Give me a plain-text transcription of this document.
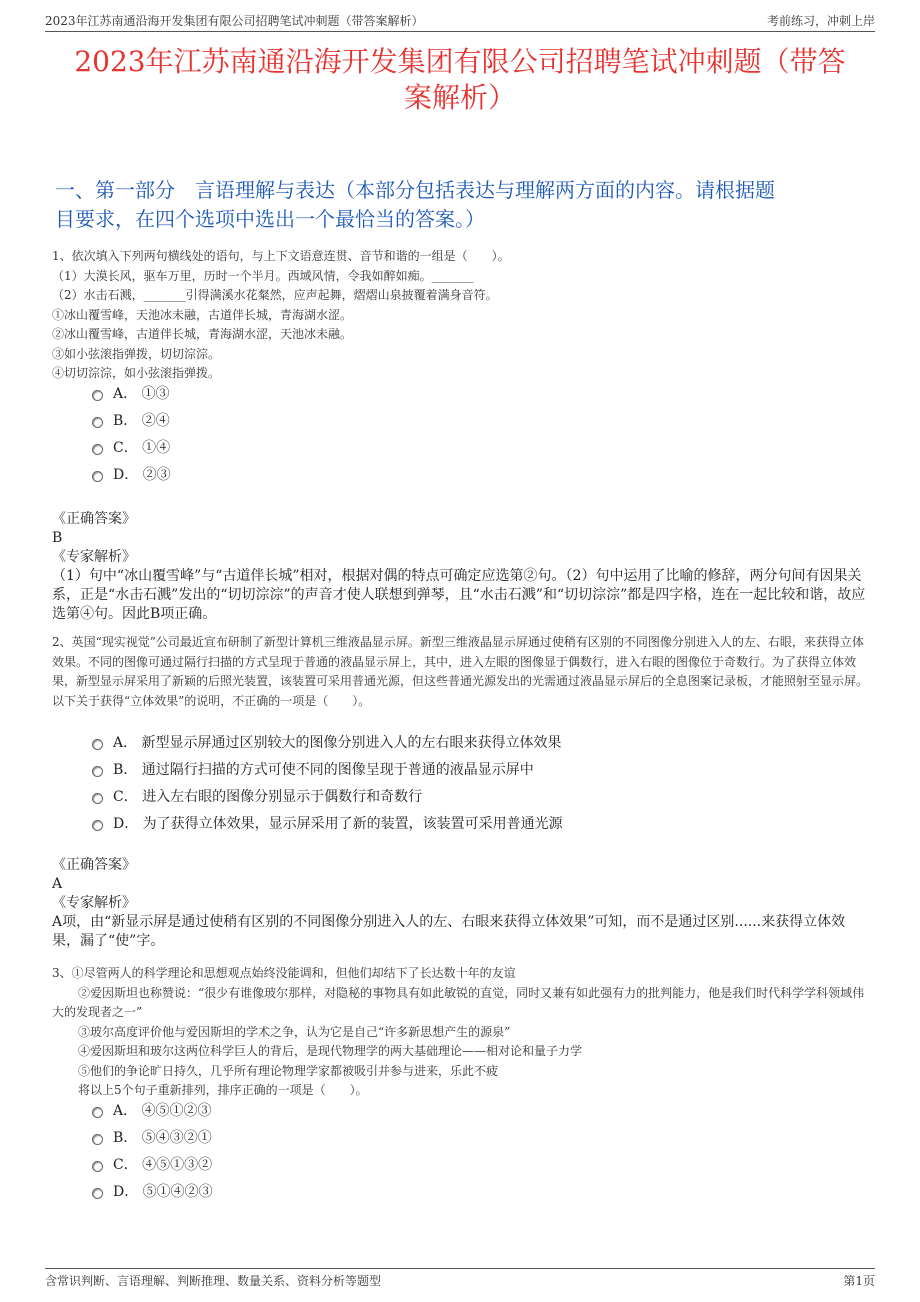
2023年江苏南通沿海开发集团有限公司招聘笔试冲刺题（带答案解析）	考前练习，冲刺上岸
2023年江苏南通沿海开发集团有限公司招聘笔试冲刺题（带答
案解析）
一、第一部分　言语理解与表达（本部分包括表达与理解两方面的内容。请根据题
目要求，在四个选项中选出一个最恰当的答案。）

1、依次填入下列两句横线处的语句，与上下文语意连贯、音节和谐的一组是（　　）。

（1）大漠长风，驱车万里，历时一个半月。西域风情，令我如醉如痴。_______

（2）水击石溅，_______引得满溪水花粲然，应声起舞，熠熠山泉披覆着满身音符。

①冰山覆雪峰，天池冰未融，古道伴长城，青海湖水涩。

②冰山覆雪峰，古道伴长城，青海湖水涩，天池冰未融。

③如小弦滚指弹拨，切切淙淙。

④切切淙淙，如小弦滚指弹拨。

A． ①③
B． ②④
C． ①④
D． ②③

《正确答案》

B

《专家解析》

（1）句中“冰山覆雪峰”与“古道伴长城”相对，根据对偶的特点可确定应选第②句。（2）句中运用了比喻的修辞，两分句间有因果关系，正是“水击石溅”发出的“切切淙淙”的声音才使人联想到弹琴，且“水击石溅”和“切切淙淙”都是四字格，连在一起比较和谐，故应选第④句。因此B项正确。

2、英国“现实视觉”公司最近宣布研制了新型计算机三维液晶显示屏。新型三维液晶显示屏通过使稍有区别的不同图像分别进入人的左、右眼，来获得立体效果。不同的图像可通过隔行扫描的方式呈现于普通的液晶显示屏上，其中，进入左眼的图像显于偶数行，进入右眼的图像位于奇数行。为了获得立体效果，新型显示屏采用了新颖的后照光装置，该装置可采用普通光源，但这些普通光源发出的光需通过液晶显示屏后的全息图案记录板，才能照射至显示屏。

以下关于获得“立体效果”的说明，不正确的一项是（　　）。

A． 新型显示屏通过区别较大的图像分别进入人的左右眼来获得立体效果
B． 通过隔行扫描的方式可使不同的图像呈现于普通的液晶显示屏中
C． 进入左右眼的图像分别显示于偶数行和奇数行
D． 为了获得立体效果，显示屏采用了新的装置，该装置可采用普通光源

《正确答案》

A

《专家解析》

A项，由“新显示屏是通过使稍有区别的不同图像分别进入人的左、右眼来获得立体效果”可知，而不是通过区别......来获得立体效果，漏了“使”字。

3、①尽管两人的科学理论和思想观点始终没能调和，但他们却结下了长达数十年的友谊

②爱因斯坦也称赞说：“很少有谁像玻尔那样，对隐秘的事物具有如此敏锐的直觉，同时又兼有如此强有力的批判能力，他是我们时代科学学科领域伟大的发现者之一”

③玻尔高度评价他与爱因斯坦的学术之争，认为它是自己“许多新思想产生的源泉”

④爱因斯坦和玻尔这两位科学巨人的背后，是现代物理学的两大基础理论——相对论和量子力学

⑤他们的争论旷日持久，几乎所有理论物理学家都被吸引并参与进来，乐此不疲

将以上5个句子重新排列，排序正确的一项是（　　）。

A． ④⑤①②③
B． ⑤④③②①
C． ④⑤①③②
D． ⑤①④②③
含常识判断、言语理解、判断推理、数量关系、资料分析等题型	第1页
